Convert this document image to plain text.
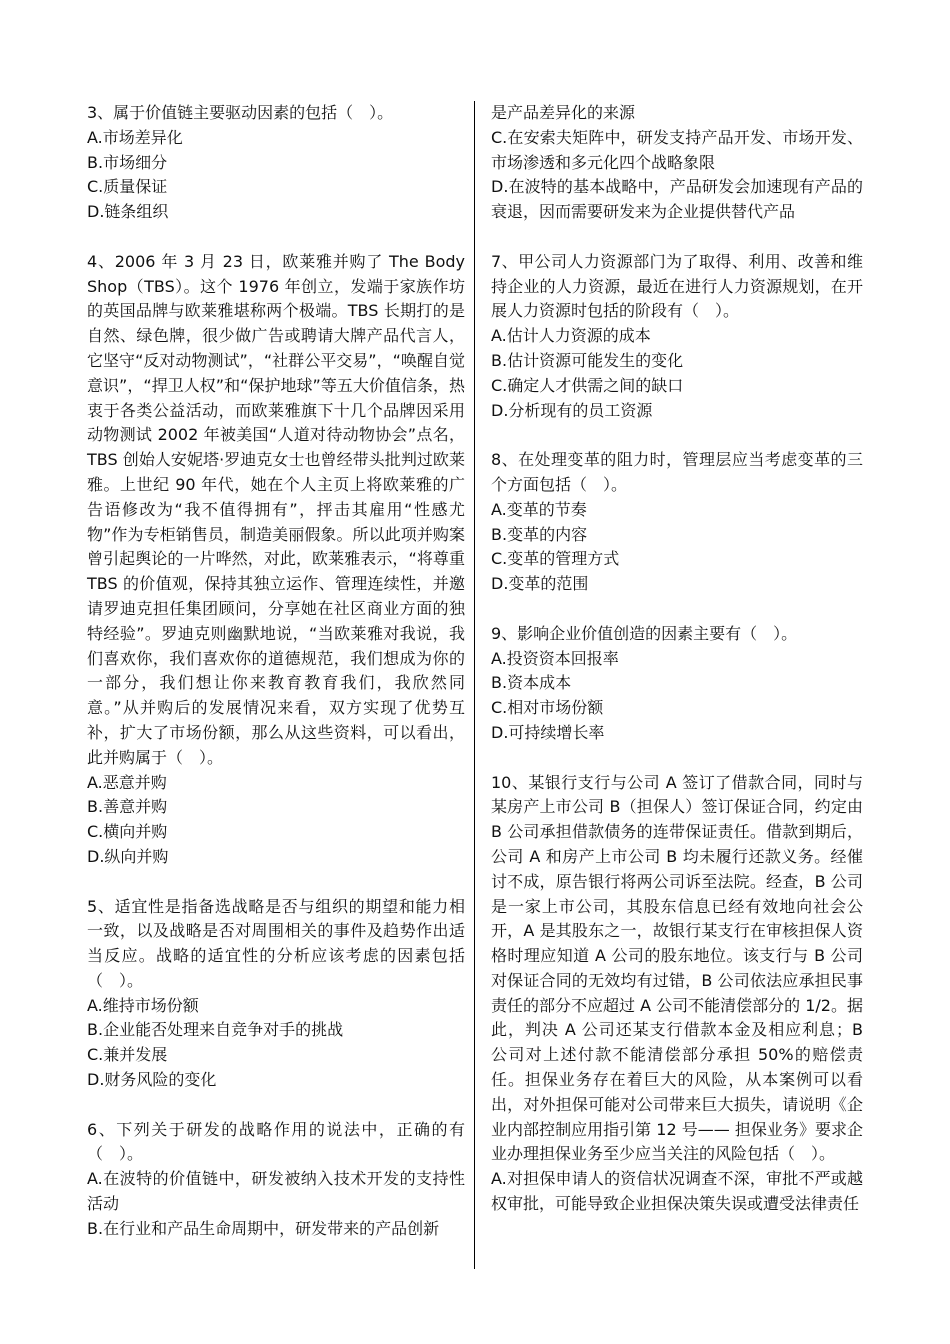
3、属于价值链主要驱动因素的包括（　）。
A.市场差异化
B.市场细分
C.质量保证
D.链条组织
4、2006 年 3 月 23 日，欧莱雅并购了 The Body Shop（TBS）。这个 1976 年创立，发端于家族作坊的英国品牌与欧莱雅堪称两个极端。TBS 长期打的是自然、绿色牌，很少做广告或聘请大牌产品代言人，它坚守“反对动物测试”，“社群公平交易”，“唤醒自觉意识”，“捍卫人权”和“保护地球”等五大价值信条，热衷于各类公益活动，而欧莱雅旗下十几个品牌因采用动物测试 2002 年被美国“人道对待动物协会”点名，TBS 创始人安妮塔·罗迪克女士也曾经带头批判过欧莱雅。上世纪 90 年代，她在个人主页上将欧莱雅的广告语修改为“我不值得拥有”，抨击其雇用“性感尤物”作为专柜销售员，制造美丽假象。所以此项并购案曾引起舆论的一片哗然，对此，欧莱雅表示，“将尊重 TBS 的价值观，保持其独立运作、管理连续性，并邀请罗迪克担任集团顾问，分享她在社区商业方面的独特经验”。罗迪克则幽默地说，“当欧莱雅对我说，我们喜欢你，我们喜欢你的道德规范，我们想成为你的一部分，我们想让你来教育教育我们，我欣然同意。”从并购后的发展情况来看，双方实现了优势互补，扩大了市场份额，那么从这些资料，可以看出，此并购属于（　）。
A.恶意并购
B.善意并购
C.横向并购
D.纵向并购
5、适宜性是指备选战略是否与组织的期望和能力相一致，以及战略是否对周围相关的事件及趋势作出适当反应。战略的适宜性的分析应该考虑的因素包括（　）。
A.维持市场份额
B.企业能否处理来自竞争对手的挑战
C.兼并发展
D.财务风险的变化
6、下列关于研发的战略作用的说法中，正确的有（　）。
A.在波特的价值链中，研发被纳入技术开发的支持性活动
B.在行业和产品生命周期中，研发带来的产品创新
是产品差异化的来源
C.在安索夫矩阵中，研发支持产品开发、市场开发、市场渗透和多元化四个战略象限
D.在波特的基本战略中，产品研发会加速现有产品的衰退，因而需要研发来为企业提供替代产品
7、甲公司人力资源部门为了取得、利用、改善和维持企业的人力资源，最近在进行人力资源规划，在开展人力资源时包括的阶段有（　）。
A.估计人力资源的成本
B.估计资源可能发生的变化
C.确定人才供需之间的缺口
D.分析现有的员工资源
8、在处理变革的阻力时，管理层应当考虑变革的三个方面包括（　）。
A.变革的节奏
B.变革的内容
C.变革的管理方式
D.变革的范围
9、影响企业价值创造的因素主要有（　）。
A.投资资本回报率
B.资本成本
C.相对市场份额
D.可持续增长率
10、某银行支行与公司 A 签订了借款合同，同时与某房产上市公司 B（担保人）签订保证合同，约定由 B 公司承担借款债务的连带保证责任。借款到期后，公司 A 和房产上市公司 B 均未履行还款义务。经催讨不成，原告银行将两公司诉至法院。经查，B 公司是一家上市公司，其股东信息已经有效地向社会公开，A 是其股东之一，故银行某支行在审核担保人资格时理应知道 A 公司的股东地位。该支行与 B 公司对保证合同的无效均有过错，B 公司依法应承担民事责任的部分不应超过 A 公司不能清偿部分的 1/2。据此，判决 A 公司还某支行借款本金及相应利息；B 公司对上述付款不能清偿部分承担 50%的赔偿责任。担保业务存在着巨大的风险，从本案例可以看出，对外担保可能对公司带来巨大损失，请说明《企业内部控制应用指引第 12 号—— 担保业务》要求企业办理担保业务至少应当关注的风险包括（　）。
A.对担保申请人的资信状况调查不深，审批不严或越权审批，可能导致企业担保决策失误或遭受法律责任
